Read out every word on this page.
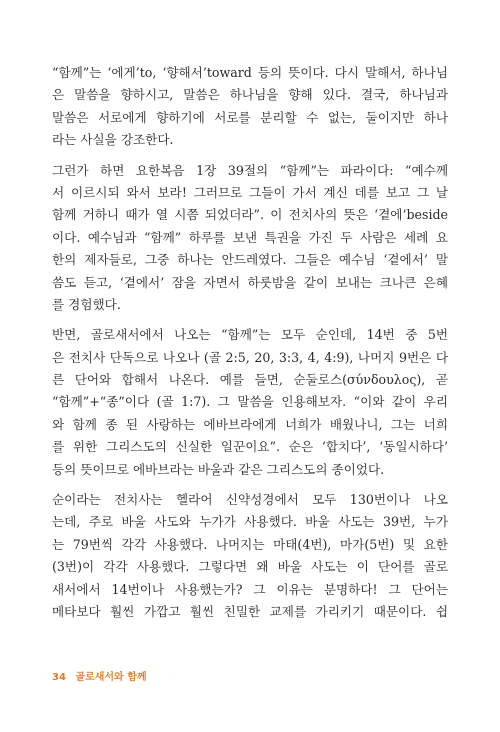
“함께”는 ‘에게’to, ‘향해서’toward 등의 뜻이다. 다시 말해서, 하나님
은 말씀을 향하시고, 말씀은 하나님을 향해 있다. 결국, 하나님과
말씀은 서로에게 향하기에 서로를 분리할 수 없는, 둘이지만 하나
라는 사실을 강조한다.
그런가 하면 요한복음 1장 39절의 “함께”는 파라이다: “예수께
서 이르시되 와서 보라! 그러므로 그들이 가서 계신 데를 보고 그 날
함께 거하니 때가 열 시쯤 되었더라”. 이 전치사의 뜻은 ‘곁에’beside
이다. 예수님과 “함께” 하루를 보낸 특권을 가진 두 사람은 세례 요
한의 제자들로, 그중 하나는 안드레였다. 그들은 예수님 ‘곁에서’ 말
씀도 듣고, ‘곁에서’ 잠을 자면서 하룻밤을 같이 보내는 크나큰 은혜
를 경험했다.
반면, 골로새서에서 나오는 “함께”는 모두 순인데, 14번 중 5번
은 전치사 단독으로 나오나 (골 2:5, 20, 3:3, 4, 4:9), 나머지 9번은 다
른 단어와 합해서 나온다. 예를 들면, 순둘로스(σύνδουλος), 곧
“함께”+“종”이다 (골 1:7). 그 말씀을 인용해보자. “이와 같이 우리
와 함께 종 된 사랑하는 에바브라에게 너희가 배웠나니, 그는 너희
를 위한 그리스도의 신실한 일꾼이요”. 순은 ‘합치다’, ‘동일시하다’
등의 뜻이므로 에바브라는 바울과 같은 그리스도의 종이었다.
순이라는 전치사는 헬라어 신약성경에서 모두 130번이나 나오
는데, 주로 바울 사도와 누가가 사용했다. 바울 사도는 39번, 누가
는 79번씩 각각 사용했다. 나머지는 마태(4번), 마가(5번) 및 요한
(3번)이 각각 사용했다. 그렇다면 왜 바울 사도는 이 단어를 골로
새서에서 14번이나 사용했는가? 그 이유는 분명하다! 그 단어는
메타보다 훨씬 가깝고 훨씬 친밀한 교제를 가리키기 때문이다. 쉽
34 골로새서와 함께
